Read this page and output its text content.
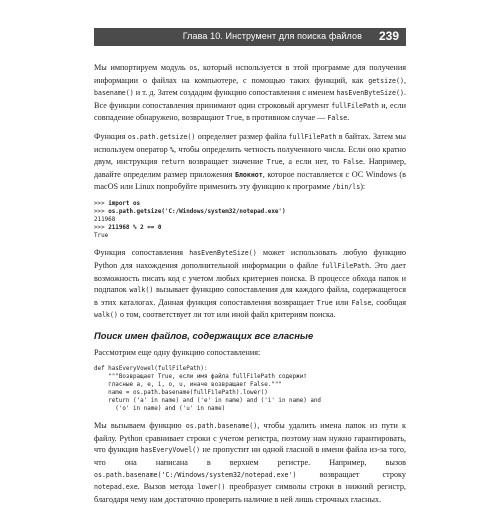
Глава 10. Инструмент для поиска файлов 239

Мы импортируем модуль os, который используется в этой программе для получения информации о файлах на компьютере, с помощью таких функций, как getsize(), basename() и т. д. Затем создадим функцию сопоставления с именем hasEvenByteSize(). Все функции сопоставления принимают один строковый аргумент fullFilePath и, если совпадение обнаружено, возвращают True, в противном случае — False.

Функция os.path.getsize() определяет размер файла fullFilePath в байтах. Затем мы используем оператор %, чтобы определить четность полученного числа. Если оно кратно двум, инструкция return возвращает значение True, а если нет, то False. Например, давайте определим размер приложения Блокнот, которое поставляется с ОС Windows (в macOS или Linux попробуйте применить эту функцию к программе /bin/ls):

>>> import os
>>> os.path.getsize('C:/Windows/system32/notepad.exe')
211968
>>> 211968 % 2 == 0
True

Функция сопоставления hasEvenByteSize() может использовать любую функцию Python для нахождения дополнительной информации о файле fullFilePath. Это дает возможность писать код с учетом любых критериев поиска. В процессе обхода папок и подпапок walk() вызывает функцию сопоставления для каждого файла, содержащегося в этих каталогах. Данная функция сопоставления возвращает True или False, сообщая walk() о том, соответствует ли тот или иной файл критериям поиска.

Поиск имен файлов, содержащих все гласные

Рассмотрим еще одну функцию сопоставления:

def hasEveryVowel(fullFilePath):
"""Возвращает True, если имя файла fullFilePath содержит
гласные a, e, i, o, u, иначе возвращает False."""
name = os.path.basename(fullFilePath).lower()
return ('a' in name) and ('e' in name) and ('i' in name) and
('o' in name) and ('u' in name)

Мы вызываем функцию os.path.basename(), чтобы удалить имена папок из пути к файлу. Python сравнивает строки с учетом регистра, поэтому нам нужно гарантировать, что функция hasEveryVowel() не пропустит ни одной гласной в имени файла из-за того, что она написана в верхнем регистре. Например, вызов os.path.basename('C:/Windows/system32/notepad.exe') возвращает строку notepad.exe. Вызов метода lower() преобразует символы строки в нижний регистр, благодаря чему нам достаточно проверить наличие в ней лишь строчных гласных.
